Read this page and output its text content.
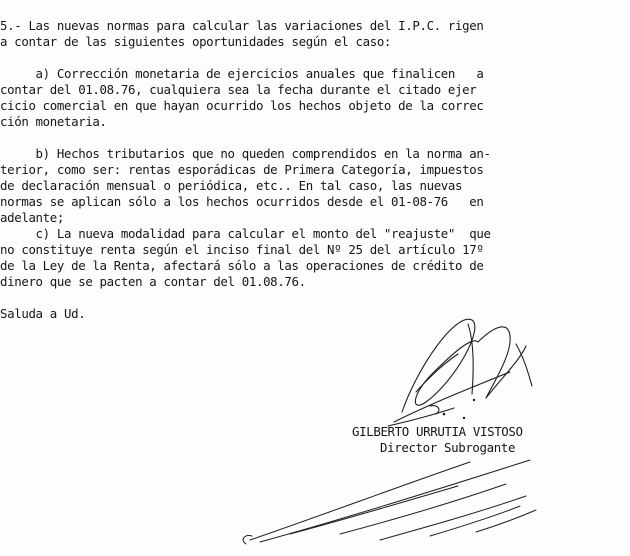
5.- Las nuevas normas para calcular las variaciones del I.P.C. rigen
a contar de las siguientes oportunidades según el caso:
a) Corrección monetaria de ejercicios anuales que finalicen   a
contar del 01.08.76, cualquiera sea la fecha durante el citado ejer
cicio comercial en que hayan ocurrido los hechos objeto de la correc
ción monetaria.
b) Hechos tributarios que no queden comprendidos en la norma an-
terior, como ser: rentas esporádicas de Primera Categoría, impuestos
de declaración mensual o periódica, etc.. En tal caso, las nuevas
normas se aplican sólo a los hechos ocurridos desde el 01-08-76   en
adelante;
c) La nueva modalidad para calcular el monto del "reajuste"  que
no constituye renta según el inciso final del Nº 25 del artículo 17º
de la Ley de la Renta, afectará sólo a las operaciones de crédito de
dinero que se pacten a contar del 01.08.76.
Saluda a Ud.
GILBERTO URRUTIA VISTOSO
Director Subrogante
